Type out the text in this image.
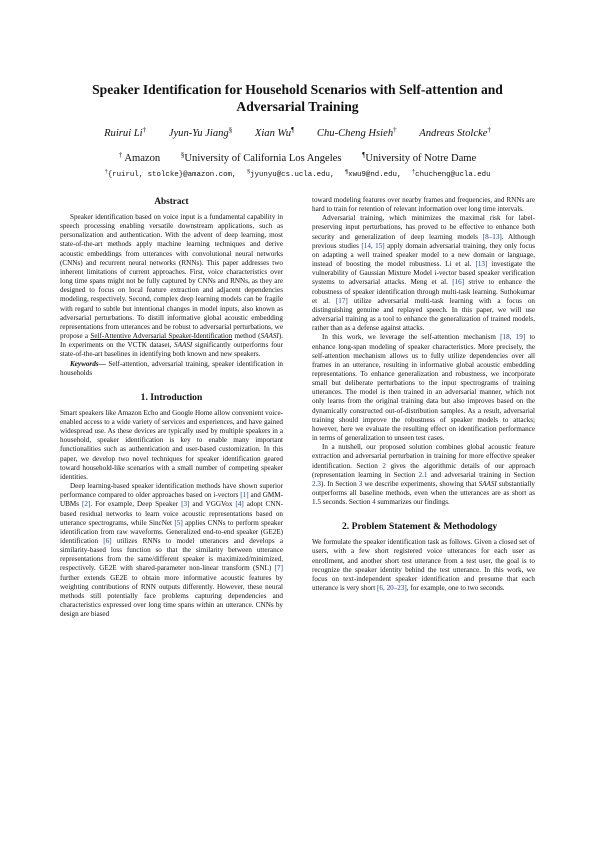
Speaker Identification for Household Scenarios with Self-attention and
Adversarial Training
Ruirui Li† Jyun-Yu Jiang§ Xian Wu¶ Chu-Cheng Hsieh† Andreas Stolcke†
† Amazon	§University of California Los Angeles	¶University of Notre Dame
†{ruirul, stolcke}@amazon.com, §jyunyu@cs.ucla.edu, ¶xwu9@nd.edu, †chucheng@ucla.edu
Abstract

Speaker identification based on voice input is a fundamental capability in speech processing enabling versatile downstream applications, such as personalization and authentication. With the advent of deep learning, most state-of-the-art methods apply machine learning techniques and derive acoustic embeddings from utterances with convolutional neural networks (CNNs) and recurrent neural networks (RNNs). This paper addresses two inherent limitations of current approaches. First, voice characteristics over long time spans might not be fully captured by CNNs and RNNs, as they are designed to focus on local feature extraction and adjacent dependencies modeling, respectively. Second, complex deep learning models can be fragile with regard to subtle but intentional changes in model inputs, also known as adversarial perturbations. To distill informative global acoustic embedding representations from utterances and be robust to adversarial perturbations, we propose a Self-Attentive Adversarial Speaker-Identification method (SAASI). In experiments on the VCTK dataset, SAASI significantly outperforms four state-of-the-art baselines in identifying both known and new speakers.

Keywords— Self-attention, adversarial training, speaker identification in households

1. Introduction

Smart speakers like Amazon Echo and Google Home allow convenient voice-enabled access to a wide variety of services and experiences, and have gained widespread use. As these devices are typically used by multiple speakers in a household, speaker identification is key to enable many important functionalities such as authentication and user-based customization. In this paper, we develop two novel techniques for speaker identification geared toward household-like scenarios with a small number of competing speaker identities.

Deep learning-based speaker identification methods have shown superior performance compared to older approaches based on i-vectors [1] and GMM-UBMs [2]. For example, Deep Speaker [3] and VGGVox [4] adopt CNN-based residual networks to learn voice acoustic representations based on utterance spectrograms, while SincNet [5] applies CNNs to perform speaker identification from raw waveforms. Generalized end-to-end speaker (GE2E) identification [6] utilizes RNNs to model utterances and develops a similarity-based loss function so that the similarity between utterance representations from the same/different speaker is maximized/minimized, respectively. GE2E with shared-parameter non-linear transform (SNL) [7] further extends GE2E to obtain more informative acoustic features by weighting contributions of RNN outputs differently. However, these neural methods still potentially face problems capturing dependencies and characteristics expressed over long time spans within an utterance. CNNs by design are biased

toward modeling features over nearby frames and frequencies, and RNNs are hard to train for retention of relevant information over long time intervals.

Adversarial training, which minimizes the maximal risk for label-preserving input perturbations, has proved to be effective to enhance both security and generalization of deep learning models [8–13]. Although previous studies [14, 15] apply domain adversarial training, they only focus on adapting a well trained speaker model to a new domain or language, instead of boosting the model robustness. Li et al. [13] investigate the vulnerability of Gaussian Mixture Model i-vector based speaker verification systems to adversarial attacks. Meng et al. [16] strive to enhance the robustness of speaker identification through multi-task learning. Suthokumar et al. [17] utilize adversarial multi-task learning with a focus on distinguishing genuine and replayed speech. In this paper, we will use adversarial training as a tool to enhance the generalization of trained models, rather than as a defense against attacks.

In this work, we leverage the self-attention mechanism [18, 19] to enhance long-span modeling of speaker characteristics. More precisely, the self-attention mechanism allows us to fully utilize dependencies over all frames in an utterance, resulting in informative global acoustic embedding representations. To enhance generalization and robustness, we incorporate small but deliberate perturbations to the input spectrograms of training utterances. The model is then trained in an adversarial manner, which not only learns from the original training data but also improves based on the dynamically constructed out-of-distribution samples. As a result, adversarial training should improve the robustness of speaker models to attacks; however, here we evaluate the resulting effect on identification performance in terms of generalization to unseen test cases.

In a nutshell, our proposed solution combines global acoustic feature extraction and adversarial perturbation in training for more effective speaker identification. Section 2 gives the algorithmic details of our approach (representation learning in Section 2.1 and adversarial training in Section 2.3). In Section 3 we describe experiments, showing that SAASI substantially outperforms all baseline methods, even when the utterances are as short as 1.5 seconds. Section 4 summarizes our findings.

2. Problem Statement & Methodology

We formulate the speaker identification task as follows. Given a closed set of users, with a few short registered voice utterances for each user as enrollment, and another short test utterance from a test user, the goal is to recognize the speaker identity behind the test utterance. In this work, we focus on text-independent speaker identification and presume that each utterance is very short [6, 20–23], for example, one to two seconds.
